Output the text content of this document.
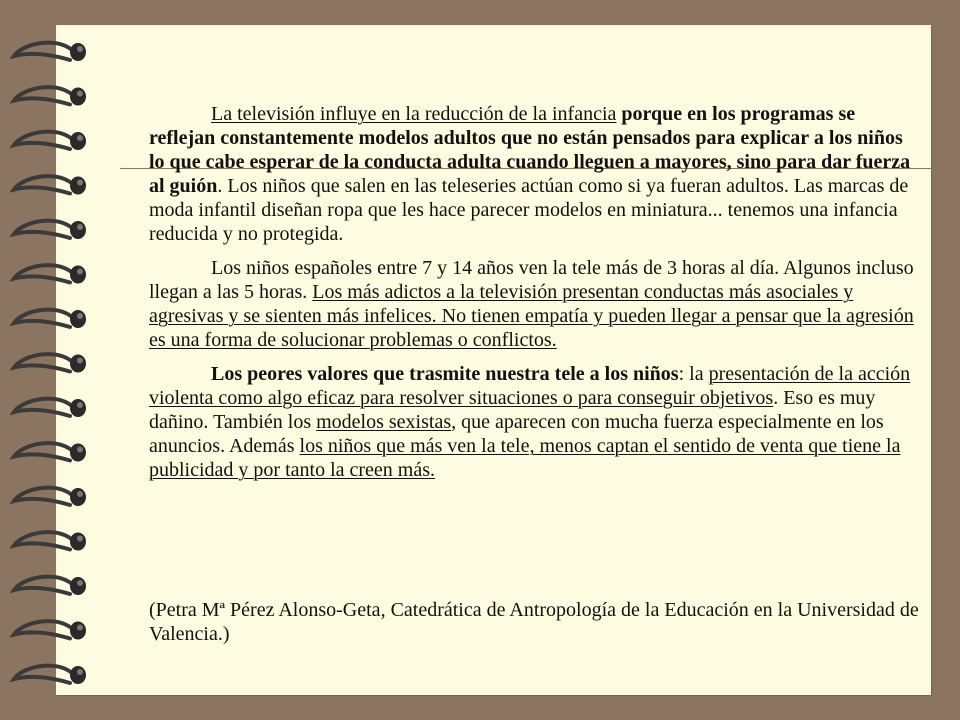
La televisión influye en la reducción de la infancia porque en los programas se reflejan constantemente modelos adultos que no están pensados para explicar a los niños lo que cabe esperar de la conducta adulta cuando lleguen a mayores, sino para dar fuerza al guión. Los niños que salen en las teleseries actúan como si ya fueran adultos. Las marcas de moda infantil diseñan ropa que les hace parecer modelos en miniatura... tenemos una infancia reducida y no protegida.

Los niños españoles entre 7 y 14 años ven la tele más de 3 horas al día. Algunos incluso llegan a las 5 horas. Los más adictos a la televisión presentan conductas más asociales y agresivas y se sienten más infelices. No tienen empatía y pueden llegar a pensar que la agresión es una forma de solucionar problemas o conflictos.

Los peores valores que trasmite nuestra tele a los niños: la presentación de la acción violenta como algo eficaz para resolver situaciones o para conseguir objetivos. Eso es muy dañino. También los modelos sexistas, que aparecen con mucha fuerza especialmente en los anuncios. Además los niños que más ven la tele, menos captan el sentido de venta que tiene la publicidad y por tanto la creen más.

(Petra Mª Pérez Alonso-Geta, Catedrática de Antropología de la Educación en la Universidad de Valencia.)
